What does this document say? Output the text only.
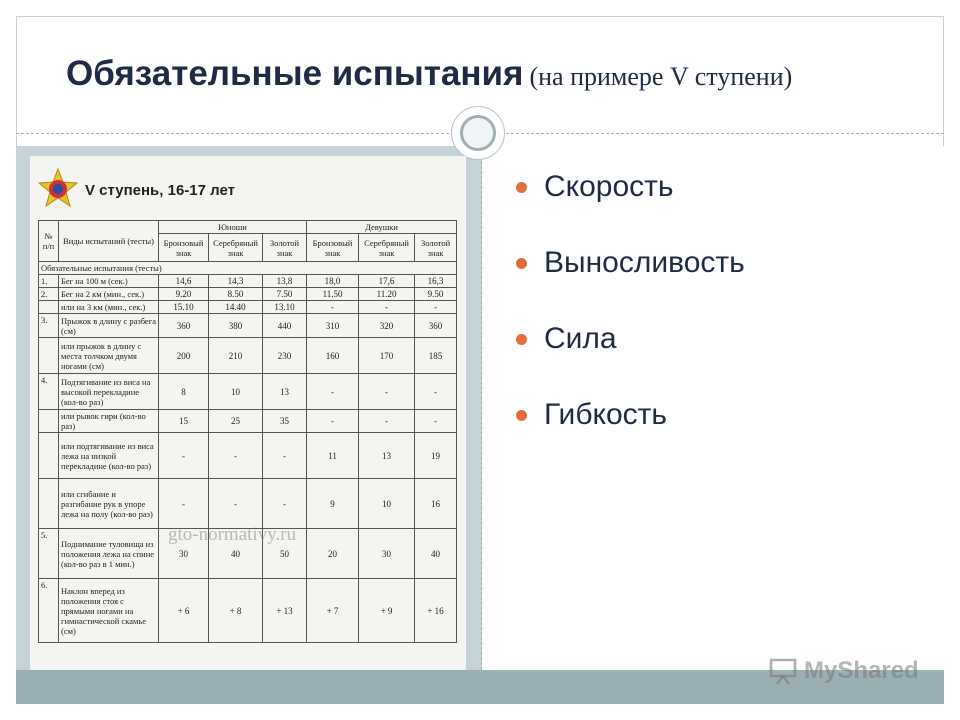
Обязательные испытания (на примере V ступени)
V ступень, 16-17 лет
№ п/п	Виды испытаний (тесты)	Юноши			Девушки		
		Бронзовый знак	Серебряный знак	Золотой знак	Бронзовый знак	Серебряный знак	Золотой знак
Обязательные испытания (тесты)							
1.	Бег на 100 м (сек.)	14,6	14,3	13,8	18,0	17,6	16,3
2.	Бег на 2 км (мин., сек.)	9.20	8.50	7.50	11.50	11.20	9.50
	или на 3 км (мин., сек.)	15.10	14.40	13.10	-	-	-
3.	Прыжок в длину с разбега (см)	360	380	440	310	320	360
	или прыжок в длину с места толчком двумя ногами (см)	200	210	230	160	170	185
4.	Подтягивание из виса на высокой перекладине (кол-во раз)	8	10	13	-	-	-
	или рывок гири (кол-во раз)	15	25	35	-	-	-
	или подтягивание из виса лежа на низкой перекладине (кол-во раз)	-	-	-	11	13	19
	или сгибание и разгибание рук в упоре лежа на полу (кол-во раз)	-	-	-	9	10	16
5.	Поднимание туловища из положения лежа на спине (кол-во раз в 1 мин.)	30	40	50	20	30	40
6.	Наклон вперед из положения стоя с прямыми ногами на гимнастической скамье (см)	+ 6	+ 8	+ 13	+ 7	+ 9	+ 16
gto-normativy.ru
Скорость
Выносливость
Сила
Гибкость
MyShared
